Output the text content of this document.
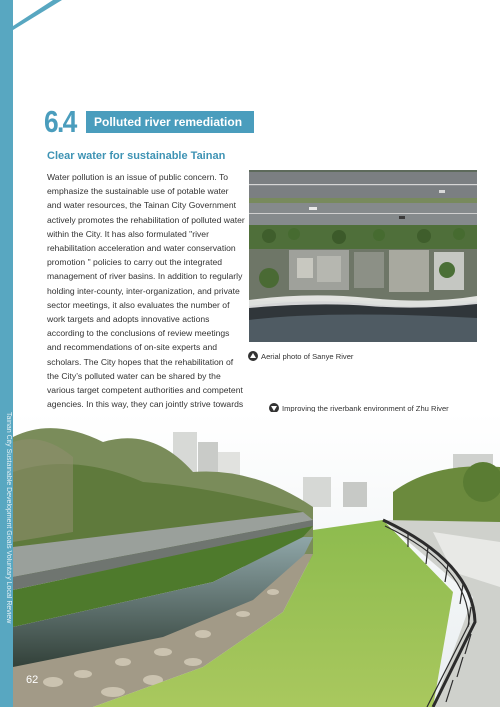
6.4	Polluted river remediation
Clear water for sustainable Tainan
Water pollution is an issue of public concern. To emphasize the sustainable use of potable water and water resources, the Tainan City Government actively promotes the rehabilitation of polluted water within the City. It has also formulated "river rehabilitation acceleration and water conservation promotion " policies to carry out the integrated management of river basins. In addition to regularly holding inter-county, inter-organization, and private sector meetings, it also evaluates the number of work targets and adopts innovative actions according to the conclusions of review meetings and recommendations of on-site experts and scholars. The City hopes that the rehabilitation of the City’s polluted water can be shared by the various target competent authorities and competent agencies. In this way, they can jointly strive towards
Aerial photo of Sanye River
Improving the riverbank environment of Zhu River
Tainan City Sustainable Development Goals Voluntary Local Review
62
